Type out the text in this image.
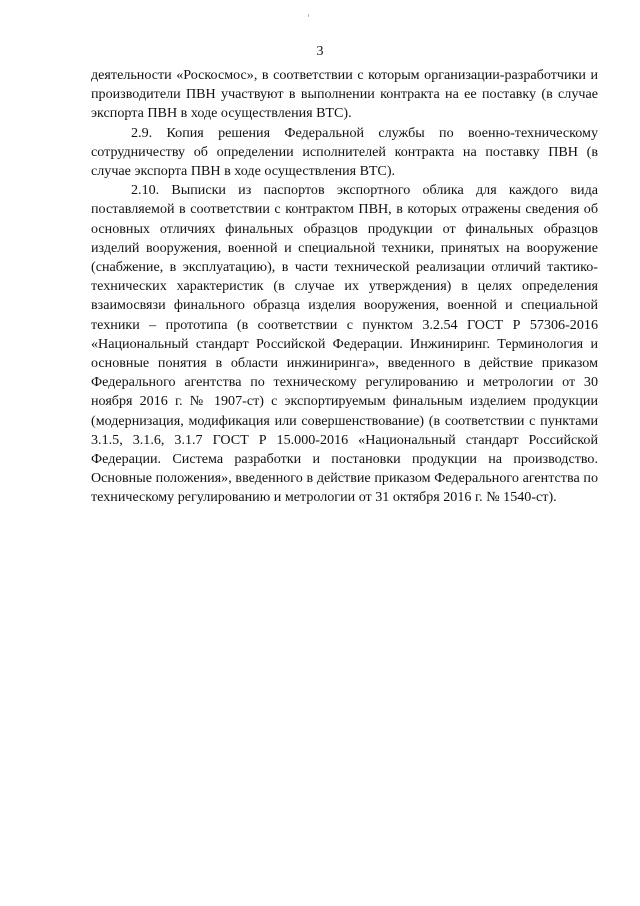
3

деятельности «Роскосмос», в соответствии с которым организации-разработчики и производители ПВН участвуют в выполнении контракта на ее поставку (в случае экспорта ПВН в ходе осуществления ВТС).

2.9. Копия решения Федеральной службы по военно-техническому сотрудничеству об определении исполнителей контракта на поставку ПВН (в случае экспорта ПВН в ходе осуществления ВТС).

2.10. Выписки из паспортов экспортного облика для каждого вида поставляемой в соответствии с контрактом ПВН, в которых отражены сведения об основных отличиях финальных образцов продукции от финальных образцов изделий вооружения, военной и специальной техники, принятых на вооружение (снабжение, в эксплуатацию), в части технической реализации отличий тактико-технических характеристик (в случае их утверждения) в целях определения взаимосвязи финального образца изделия вооружения, военной и специальной техники – прототипа (в соответствии с пунктом 3.2.54 ГОСТ Р 57306-2016 «Национальный стандарт Российской Федерации. Инжиниринг. Терминология и основные понятия в области инжиниринга», введенного в действие приказом Федерального агентства по техническому регулированию и метрологии от 30 ноября 2016 г. № 1907-ст) с экспортируемым финальным изделием продукции (модернизация, модификация или совершенствование) (в соответствии с пунктами 3.1.5, 3.1.6, 3.1.7 ГОСТ Р 15.000-2016 «Национальный стандарт Российской Федерации. Система разработки и постановки продукции на производство. Основные положения», введенного в действие приказом Федерального агентства по техническому регулированию и метрологии от 31 октября 2016 г. № 1540-ст).
